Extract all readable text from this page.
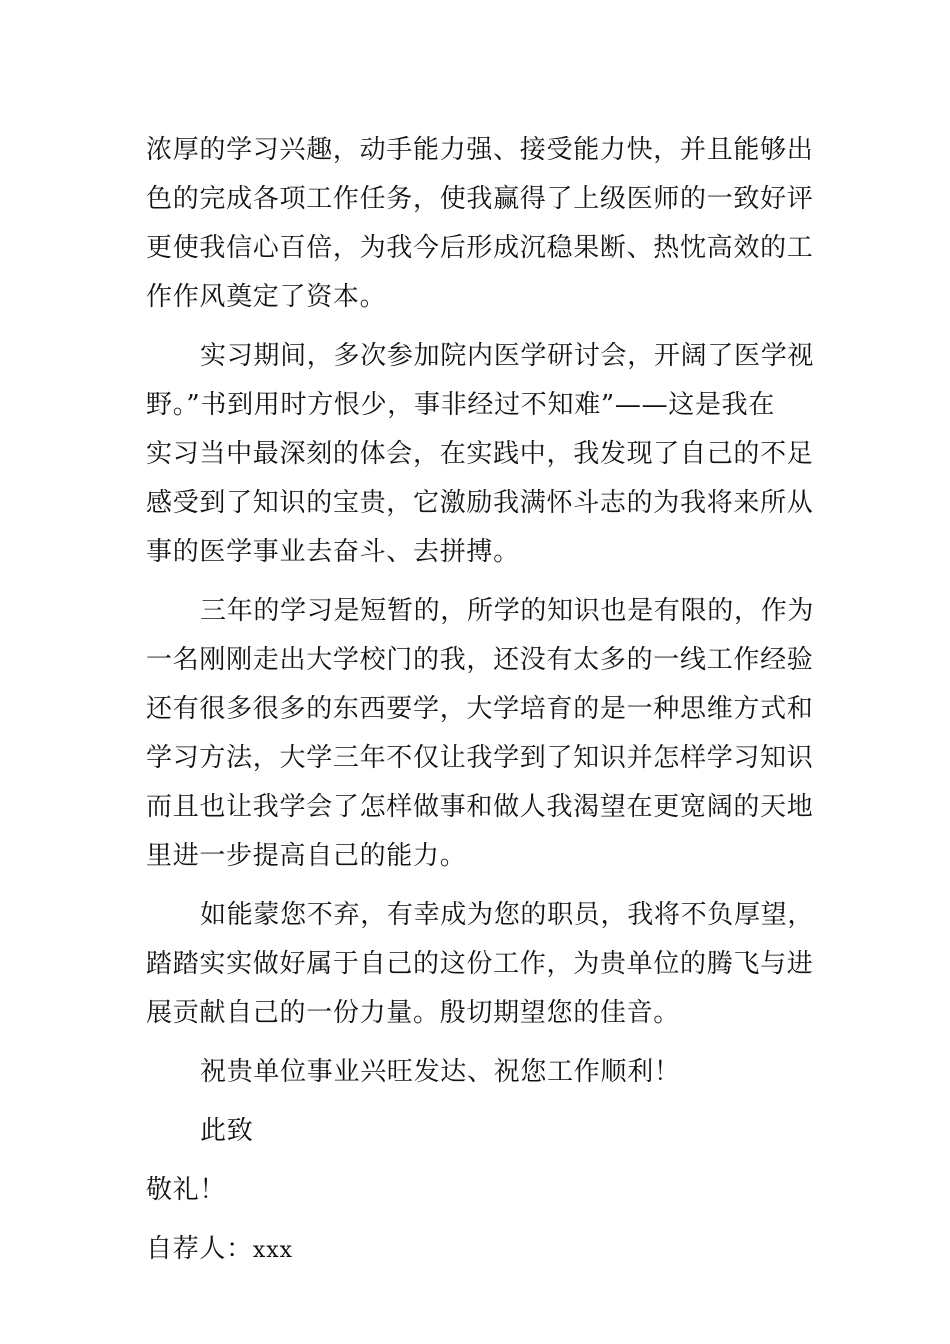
浓厚的学习兴趣，动手能力强、接受能力快，并且能够出
色的完成各项工作任务，使我赢得了上级医师的一致好评
更使我信心百倍，为我今后形成沉稳果断、热忱高效的工
作作风奠定了资本。
实习期间，多次参加院内医学研讨会，开阔了医学视
野。”书到用时方恨少，事非经过不知难”——这是我在
实习当中最深刻的体会，在实践中，我发现了自己的不足
感受到了知识的宝贵，它激励我满怀斗志的为我将来所从
事的医学事业去奋斗、去拼搏。
三年的学习是短暂的，所学的知识也是有限的，作为
一名刚刚走出大学校门的我，还没有太多的一线工作经验
还有很多很多的东西要学，大学培育的是一种思维方式和
学习方法，大学三年不仅让我学到了知识并怎样学习知识
而且也让我学会了怎样做事和做人我渴望在更宽阔的天地
里进一步提高自己的能力。
如能蒙您不弃，有幸成为您的职员，我将不负厚望，
踏踏实实做好属于自己的这份工作，为贵单位的腾飞与进
展贡献自己的一份力量。殷切期望您的佳音。
祝贵单位事业兴旺发达、祝您工作顺利！
此致
敬礼！
自荐人：xxx
